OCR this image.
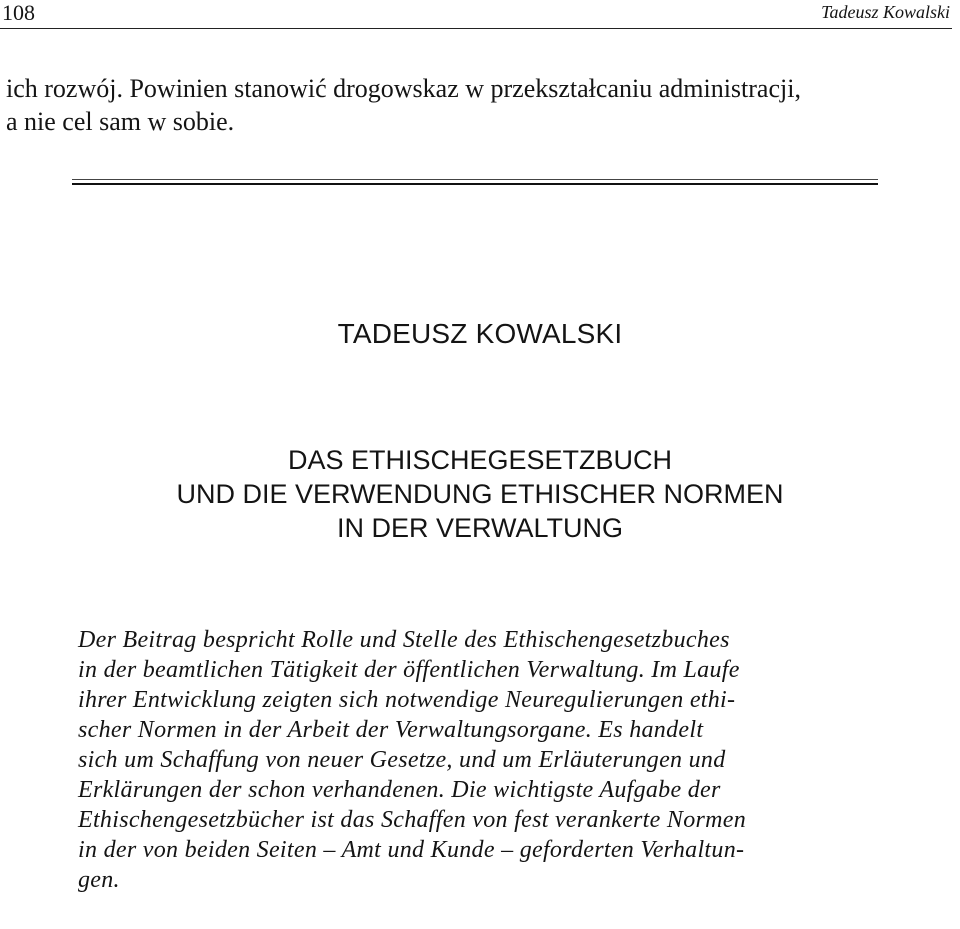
108	Tadeusz Kowalski
ich rozwój. Powinien stanowić drogowskaz w przekształcaniu administracji,
a nie cel sam w sobie.
TADEUSZ KOWALSKI
DAS ETHISCHEGESETZBUCH
UND DIE VERWENDUNG ETHISCHER NORMEN
IN DER VERWALTUNG
Der Beitrag bespricht Rolle und Stelle des Ethischengesetzbuches
in der beamtlichen Tätigkeit der öffentlichen Verwaltung. Im Laufe
ihrer Entwicklung zeigten sich notwendige Neuregulierungen ethi-
scher Normen in der Arbeit der Verwaltungsorgane. Es handelt
sich um Schaffung von neuer Gesetze, und um Erläuterungen und
Erklärungen der schon verhandenen. Die wichtigste Aufgabe der
Ethischengesetzbücher ist das Schaffen von fest verankerte Normen
in der von beiden Seiten – Amt und Kunde – geforderten Verhaltun-
gen.
